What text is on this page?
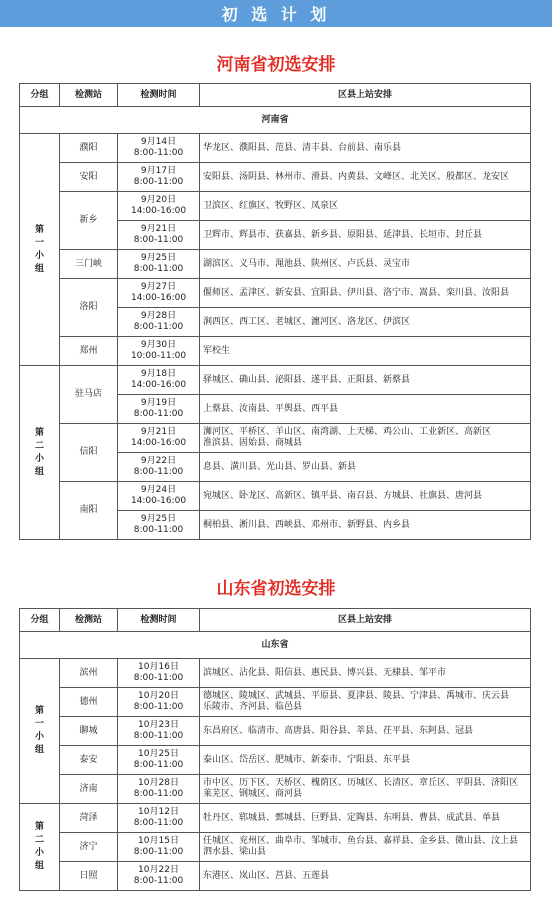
初 选 计 划
河南省初选安排
分组	检测站	检测时间	区县上站安排
河南省			
第
一
小
组	濮阳	9月14日
8:00-11:00	华龙区、濮阳县、范县、清丰县、台前县、南乐县
	安阳	9月17日
8:00-11:00	安阳县、汤阴县、林州市、滑县、内黄县、文峰区、北关区、殷都区、龙安区
	新乡	9月20日
14:00-16:00	卫滨区、红旗区、牧野区、凤泉区
		9月21日
8:00-11:00	卫辉市、辉县市、获嘉县、新乡县、原阳县、延津县、长垣市、封丘县
	三门峡	9月25日
8:00-11:00	湖滨区、义马市、渑池县、陕州区、卢氏县、灵宝市
	洛阳	9月27日
14:00-16:00	偃师区、孟津区、新安县、宜阳县、伊川县、洛宁市、嵩县、栾川县、汝阳县
		9月28日
8:00-11:00	涧西区、西工区、老城区、瀍河区、洛龙区、伊滨区
	郑州	9月30日
10:00-11:00	军校生
第
二
小
组	驻马店	9月18日
14:00-16:00	驿城区、确山县、泌阳县、遂平县、正阳县、新蔡县
		9月19日
8:00-11:00	上蔡县、汝南县、平舆县、西平县
	信阳	9月21日
14:00-16:00	浉河区、平桥区、羊山区、南湾湖、上天梯、鸡公山、工业新区、高新区
淮滨县、固始县、商城县
		9月22日
8:00-11:00	息县、潢川县、光山县、罗山县、新县
	南阳	9月24日
14:00-16:00	宛城区、卧龙区、高新区、镇平县、南召县、方城县、社旗县、唐河县
		9月25日
8:00-11:00	桐柏县、淅川县、西峡县、邓州市、新野县、内乡县
山东省初选安排
分组	检测站	检测时间	区县上站安排
山东省			
第
一
小
组	滨州	10月16日
8:00-11:00	滨城区、沾化县、阳信县、惠民县、博兴县、无棣县、邹平市
	德州	10月20日
8:00-11:00	德城区、陵城区、武城县、平原县、夏津县、陵县、宁津县、禹城市、庆云县
乐陵市、齐河县、临邑县
	聊城	10月23日
8:00-11:00	东昌府区、临清市、高唐县、阳谷县、莘县、茌平县、东阿县、冠县
	泰安	10月25日
8:00-11:00	泰山区、岱岳区、肥城市、新泰市、宁阳县、东平县
	济南	10月28日
8:00-11:00	市中区、历下区、天桥区、槐荫区、历城区、长清区、章丘区、平阴县、济阳区
莱芜区、钢城区、商河县
第
二
小
组	菏泽	10月12日
8:00-11:00	牡丹区、郓城县、鄄城县、巨野县、定陶县、东明县、曹县、成武县、单县
	济宁	10月15日
8:00-11:00	任城区、兖州区、曲阜市、邹城市、鱼台县、嘉祥县、金乡县、微山县、汶上县
泗水县、梁山县
	日照	10月22日
8:00-11:00	东港区、岚山区、莒县、五莲县
